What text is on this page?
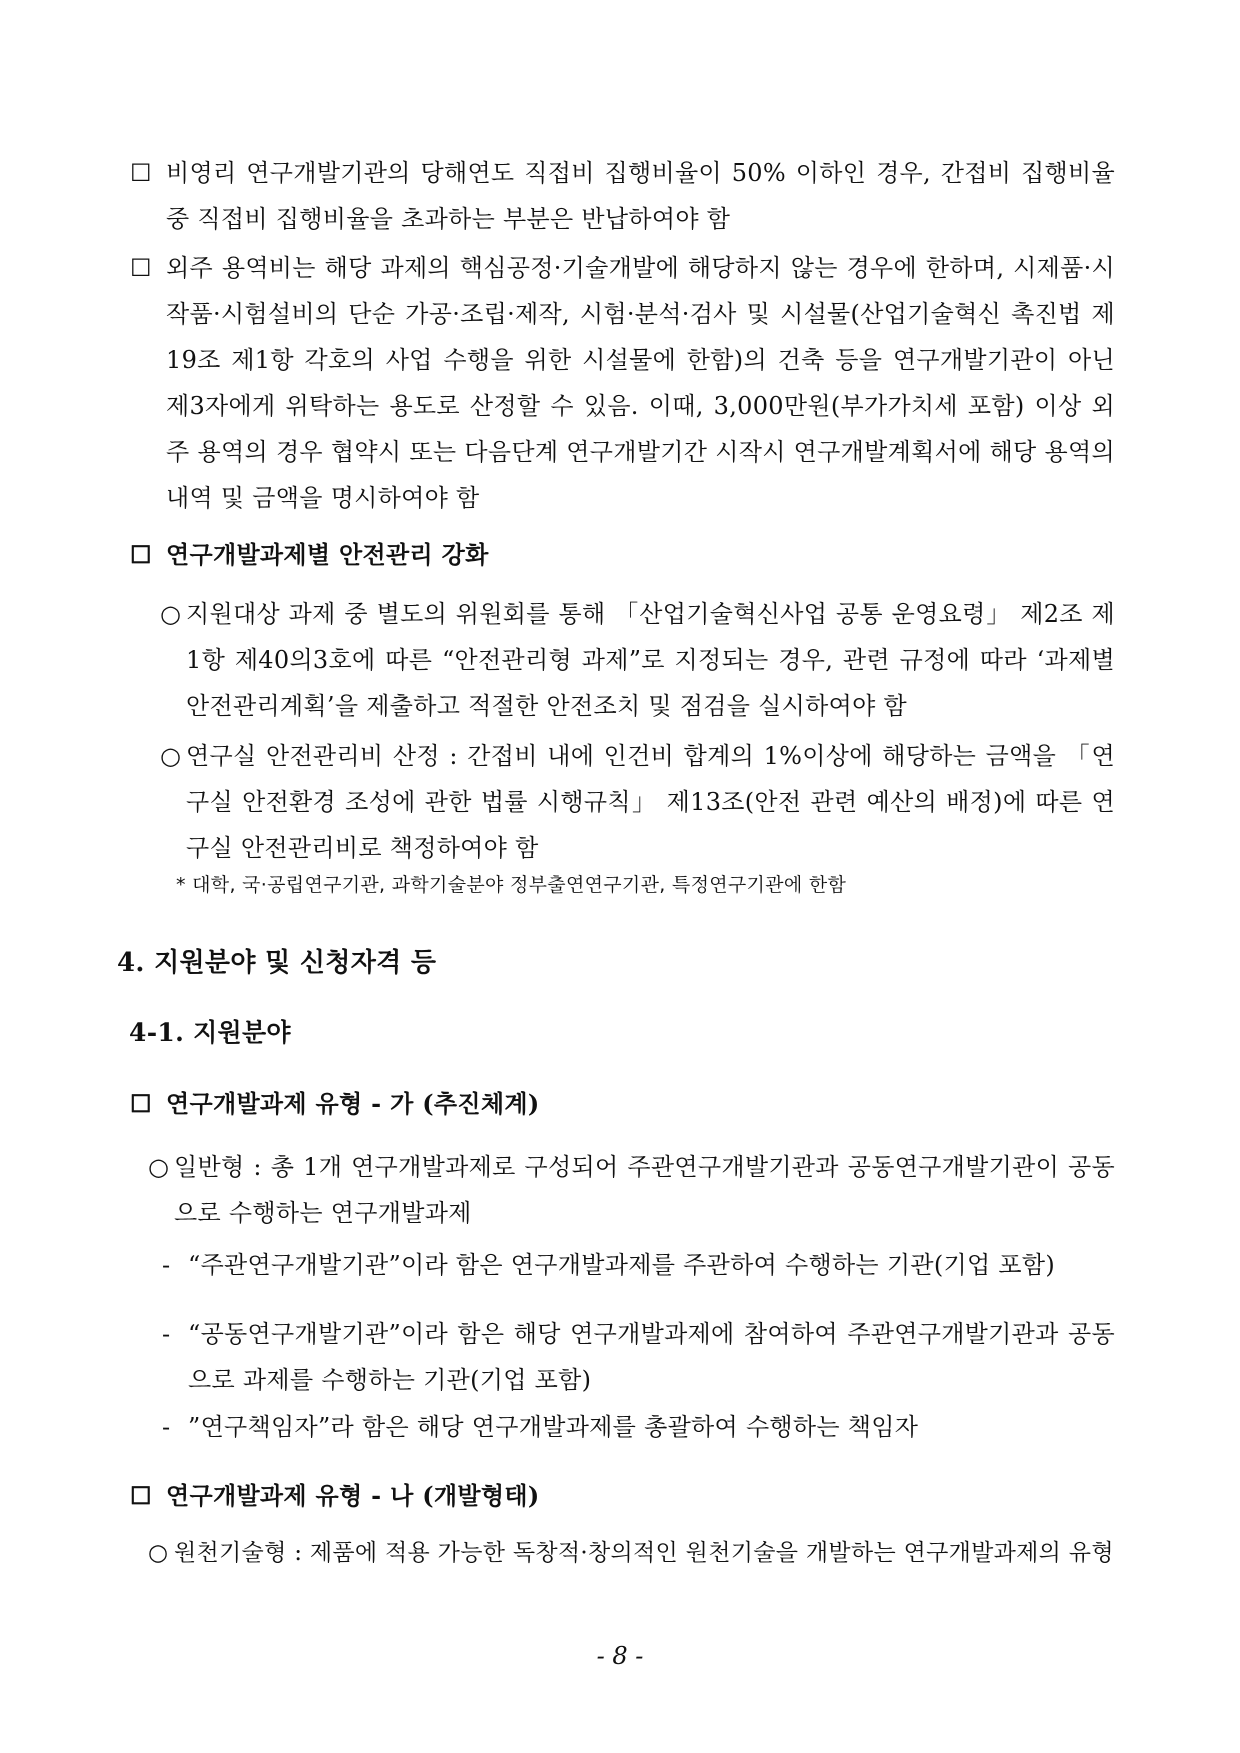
☐ 비영리 연구개발기관의 당해연도 직접비 집행비율이 50% 이하인 경우, 간접비 집행비율 중 직접비 집행비율을 초과하는 부분은 반납하여야 함
☐ 외주 용역비는 해당 과제의 핵심공정·기술개발에 해당하지 않는 경우에 한하며, 시제품·시작품·시험설비의 단순 가공·조립·제작, 시험·분석·검사 및 시설물(산업기술혁신 촉진법 제19조 제1항 각호의 사업 수행을 위한 시설물에 한함)의 건축 등을 연구개발기관이 아닌 제3자에게 위탁하는 용도로 산정할 수 있음. 이때, 3,000만원(부가가치세 포함) 이상 외주 용역의 경우 협약시 또는 다음단계 연구개발기간 시작시 연구개발계획서에 해당 용역의 내역 및 금액을 명시하여야 함
☐ 연구개발과제별 안전관리 강화
○ 지원대상 과제 중 별도의 위원회를 통해 「산업기술혁신사업 공통 운영요령」 제2조 제1항 제40의3호에 따른 “안전관리형 과제”로 지정되는 경우, 관련 규정에 따라 ‘과제별 안전관리계획’을 제출하고 적절한 안전조치 및 점검을 실시하여야 함
○ 연구실 안전관리비 산정 : 간접비 내에 인건비 합계의 1%이상에 해당하는 금액을 「연구실 안전환경 조성에 관한 법률 시행규칙」 제13조(안전 관련 예산의 배정)에 따른 연구실 안전관리비로 책정하여야 함
* 대학, 국·공립연구기관, 과학기술분야 정부출연연구기관, 특정연구기관에 한함
4. 지원분야 및 신청자격 등
4-1. 지원분야
☐ 연구개발과제 유형 - 가 (추진체계)
○ 일반형 : 총 1개 연구개발과제로 구성되어 주관연구개발기관과 공동연구개발기관이 공동으로 수행하는 연구개발과제
- “주관연구개발기관”이라 함은 연구개발과제를 주관하여 수행하는 기관(기업 포함)
- “공동연구개발기관”이라 함은 해당 연구개발과제에 참여하여 주관연구개발기관과 공동으로 과제를 수행하는 기관(기업 포함)
- ”연구책임자”라 함은 해당 연구개발과제를 총괄하여 수행하는 책임자
☐ 연구개발과제 유형 - 나 (개발형태)
○ 원천기술형 : 제품에 적용 가능한 독창적·창의적인 원천기술을 개발하는 연구개발과제의 유형
- 8 -
